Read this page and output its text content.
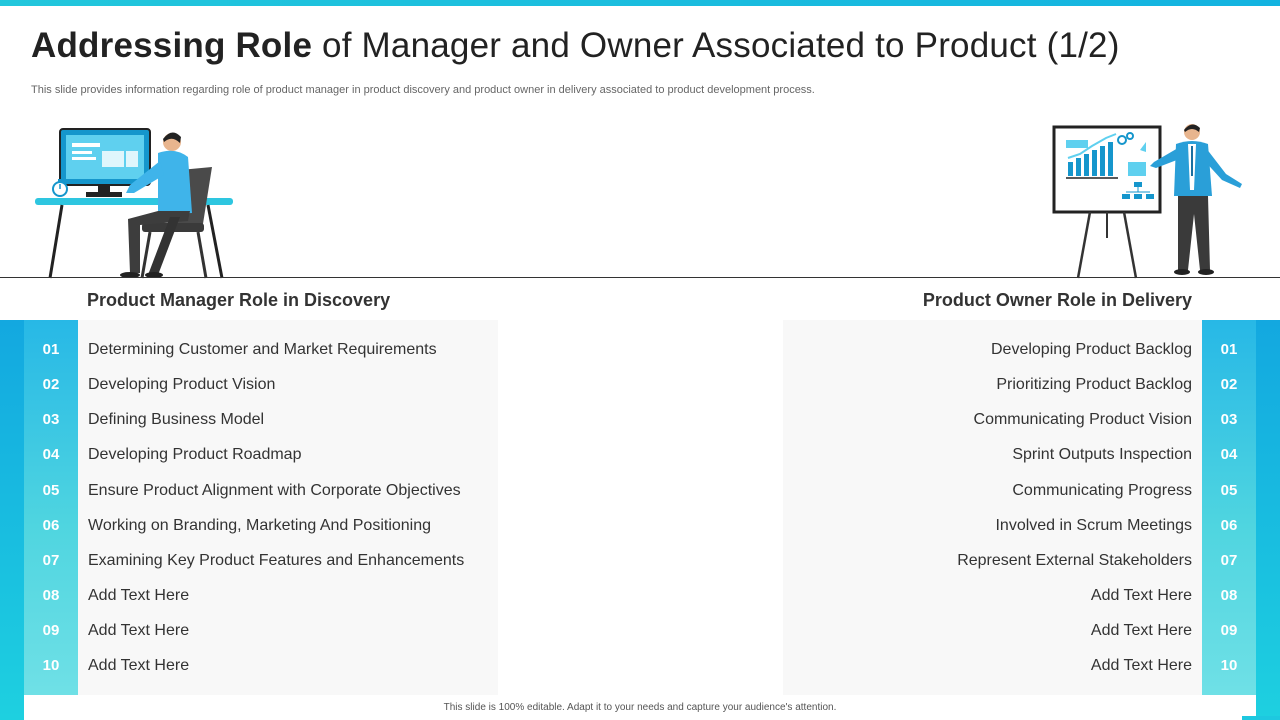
Addressing Role of Manager and Owner Associated to Product (1/2)

This slide provides information regarding role of product manager in product discovery and product owner in delivery associated to product development process.

Product Manager Role in Discovery
01
02
03
04
05
06
07
08
09
10
Determining Customer and Market Requirements
Developing Product Vision
Defining Business Model
Developing Product Roadmap
Ensure Product Alignment with Corporate Objectives
Working on Branding, Marketing And Positioning
Examining Key Product Features and Enhancements
Add Text Here
Add Text Here
Add Text Here
Product Owner Role in Delivery
Developing Product Backlog
Prioritizing Product Backlog
Communicating Product Vision
Sprint Outputs Inspection
Communicating Progress
Involved in Scrum Meetings
Represent External Stakeholders
Add Text Here
Add Text Here
Add Text Here
01
02
03
04
05
06
07
08
09
10
This slide is 100% editable. Adapt it to your needs and capture your audience's attention.
